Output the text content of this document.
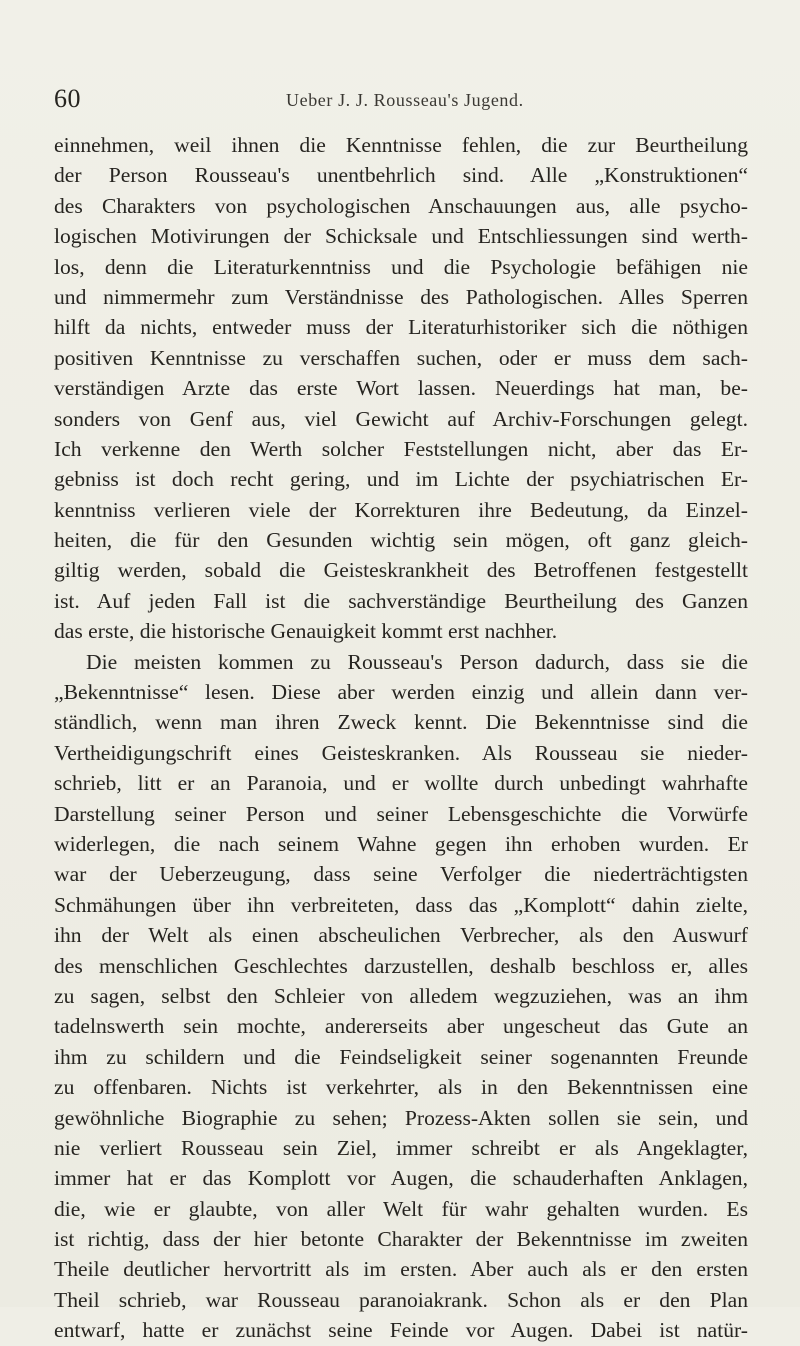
60	Ueber J. J. Rousseau's Jugend.
einnehmen, weil ihnen die Kenntnisse fehlen, die zur Beurtheilung
der Person Rousseau's unentbehrlich sind. Alle „Konstruktionen“
des Charakters von psychologischen Anschauungen aus, alle psycho-
logischen Motivirungen der Schicksale und Entschliessungen sind werth-
los, denn die Literaturkenntniss und die Psychologie befähigen nie
und nimmermehr zum Verständnisse des Pathologischen. Alles Sperren
hilft da nichts, entweder muss der Literaturhistoriker sich die nöthigen
positiven Kenntnisse zu verschaffen suchen, oder er muss dem sach-
verständigen Arzte das erste Wort lassen. Neuerdings hat man, be-
sonders von Genf aus, viel Gewicht auf Archiv-Forschungen gelegt.
Ich verkenne den Werth solcher Feststellungen nicht, aber das Er-
gebniss ist doch recht gering, und im Lichte der psychiatrischen Er-
kenntniss verlieren viele der Korrekturen ihre Bedeutung, da Einzel-
heiten, die für den Gesunden wichtig sein mögen, oft ganz gleich-
giltig werden, sobald die Geisteskrankheit des Betroffenen festgestellt
ist. Auf jeden Fall ist die sachverständige Beurtheilung des Ganzen
das erste, die historische Genauigkeit kommt erst nachher.
Die meisten kommen zu Rousseau's Person dadurch, dass sie die
„Bekenntnisse“ lesen. Diese aber werden einzig und allein dann ver-
ständlich, wenn man ihren Zweck kennt. Die Bekenntnisse sind die
Vertheidigungschrift eines Geisteskranken. Als Rousseau sie nieder-
schrieb, litt er an Paranoia, und er wollte durch unbedingt wahrhafte
Darstellung seiner Person und seiner Lebensgeschichte die Vorwürfe
widerlegen, die nach seinem Wahne gegen ihn erhoben wurden. Er
war der Ueberzeugung, dass seine Verfolger die niederträchtigsten
Schmähungen über ihn verbreiteten, dass das „Komplott“ dahin zielte,
ihn der Welt als einen abscheulichen Verbrecher, als den Auswurf
des menschlichen Geschlechtes darzustellen, deshalb beschloss er, alles
zu sagen, selbst den Schleier von alledem wegzuziehen, was an ihm
tadelnswerth sein mochte, andererseits aber ungescheut das Gute an
ihm zu schildern und die Feindseligkeit seiner sogenannten Freunde
zu offenbaren. Nichts ist verkehrter, als in den Bekenntnissen eine
gewöhnliche Biographie zu sehen; Prozess-Akten sollen sie sein, und
nie verliert Rousseau sein Ziel, immer schreibt er als Angeklagter,
immer hat er das Komplott vor Augen, die schauderhaften Anklagen,
die, wie er glaubte, von aller Welt für wahr gehalten wurden. Es
ist richtig, dass der hier betonte Charakter der Bekenntnisse im zweiten
Theile deutlicher hervortritt als im ersten. Aber auch als er den ersten
Theil schrieb, war Rousseau paranoiakrank. Schon als er den Plan
entwarf, hatte er zunächst seine Feinde vor Augen. Dabei ist natür-
